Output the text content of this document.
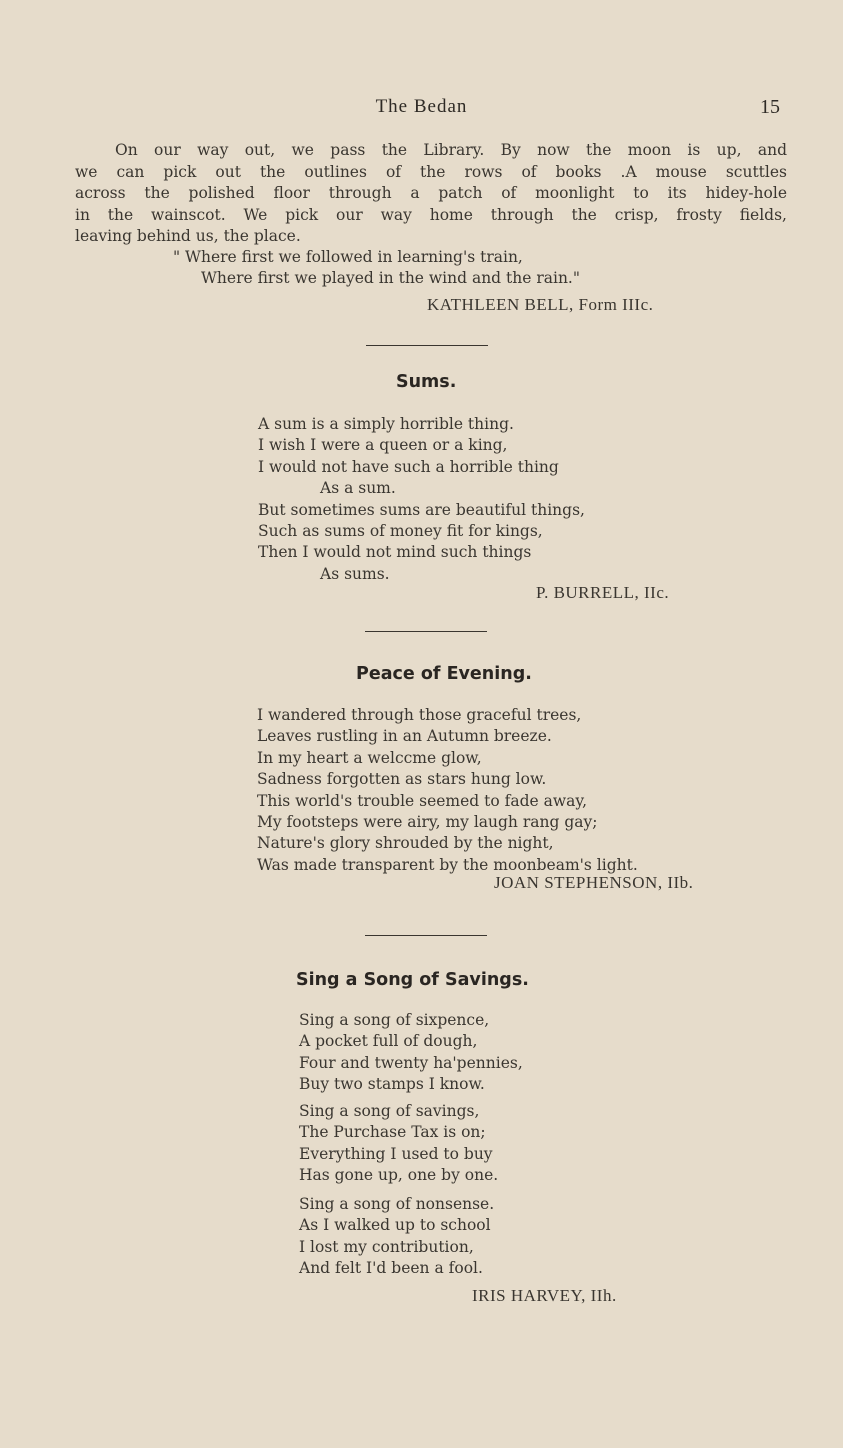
The Bedan	15
On our way out, we pass the Library. By now the moon is up, and
we can pick out the outlines of the rows of books .A mouse scuttles
across the polished floor through a patch of moonlight to its hidey-hole
in the wainscot. We pick our way home through the crisp, frosty fields,
leaving behind us, the place.
" Where first we followed in learning's train,
Where first we played in the wind and the rain."
KATHLEEN BELL, Form IIIc.
Sums.
A sum is a simply horrible thing.
I wish I were a queen or a king,
I would not have such a horrible thing
As a sum.
But sometimes sums are beautiful things,
Such as sums of money fit for kings,
Then I would not mind such things
As sums.
P. BURRELL, IIc.
Peace of Evening.
I wandered through those graceful trees,
Leaves rustling in an Autumn breeze.
In my heart a welccme glow,
Sadness forgotten as stars hung low.
This world's trouble seemed to fade away,
My footsteps were airy, my laugh rang gay;
Nature's glory shrouded by the night,
Was made transparent by the moonbeam's light.
JOAN STEPHENSON, IIb.
Sing a Song of Savings.
Sing a song of sixpence,
A pocket full of dough,
Four and twenty ha'pennies,
Buy two stamps I know.
Sing a song of savings,
The Purchase Tax is on;
Everything I used to buy
Has gone up, one by one.
Sing a song of nonsense.
As I walked up to school
I lost my contribution,
And felt I'd been a fool.
IRIS HARVEY, IIh.
